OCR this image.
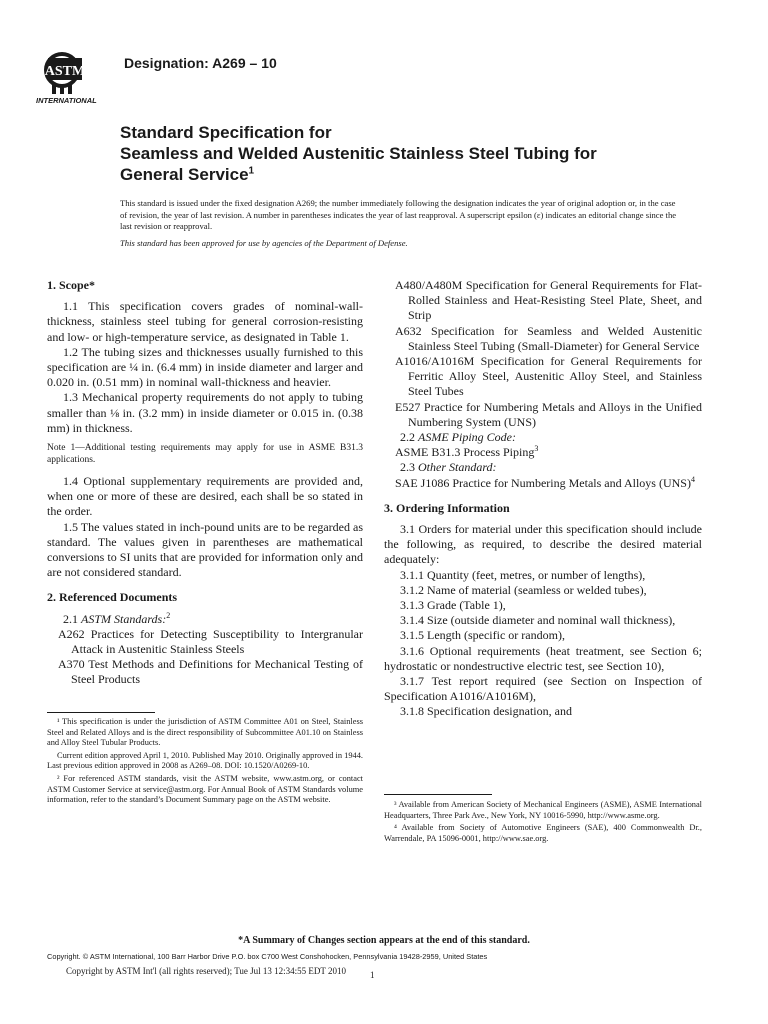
ASTM
INTERNATIONAL
Designation: A269 – 10
Standard Specification for
Seamless and Welded Austenitic Stainless Steel Tubing for
General Service$^1$
This standard is issued under the fixed designation A269; the number immediately following the designation indicates the year of original adoption or, in the case of revision, the year of last revision. A number in parentheses indicates the year of last reapproval. A superscript epsilon (ε) indicates an editorial change since the last revision or reapproval.
This standard has been approved for use by agencies of the Department of Defense.
1. Scope*

1.1 This specification covers grades of nominal-wall-thickness, stainless steel tubing for general corrosion-resisting and low- or high-temperature service, as designated in Table 1.

1.2 The tubing sizes and thicknesses usually furnished to this specification are ¼ in. (6.4 mm) in inside diameter and larger and 0.020 in. (0.51 mm) in nominal wall-thickness and heavier.

1.3 Mechanical property requirements do not apply to tubing smaller than ⅛ in. (3.2 mm) in inside diameter or 0.015 in. (0.38 mm) in thickness.

Note 1—Additional testing requirements may apply for use in ASME B31.3 applications.

1.4 Optional supplementary requirements are provided and, when one or more of these are desired, each shall be so stated in the order.

1.5 The values stated in inch-pound units are to be regarded as standard. The values given in parentheses are mathematical conversions to SI units that are provided for information only and are not considered standard.

2. Referenced Documents
2.1 ASTM Standards:$^2$

A262 Practices for Detecting Susceptibility to Intergranular Attack in Austenitic Stainless Steels

A370 Test Methods and Definitions for Mechanical Testing of Steel Products

A480/A480M Specification for General Requirements for Flat-Rolled Stainless and Heat-Resisting Steel Plate, Sheet, and Strip

A632 Specification for Seamless and Welded Austenitic Stainless Steel Tubing (Small-Diameter) for General Service

A1016/A1016M Specification for General Requirements for Ferritic Alloy Steel, Austenitic Alloy Steel, and Stainless Steel Tubes

E527 Practice for Numbering Metals and Alloys in the Unified Numbering System (UNS)

2.2 ASME Piping Code:
ASME B31.3 Process Piping$^3$
2.3 Other Standard:

SAE J1086 Practice for Numbering Metals and Alloys (UNS)$^4$

3. Ordering Information

3.1 Orders for material under this specification should include the following, as required, to describe the desired material adequately:

3.1.1 Quantity (feet, metres, or number of lengths),

3.1.2 Name of material (seamless or welded tubes),

3.1.3 Grade (Table 1),

3.1.4 Size (outside diameter and nominal wall thickness),

3.1.5 Length (specific or random),

3.1.6 Optional requirements (heat treatment, see Section 6; hydrostatic or nondestructive electric test, see Section 10),

3.1.7 Test report required (see Section on Inspection of Specification A1016/A1016M),

3.1.8 Specification designation, and

¹ This specification is under the jurisdiction of ASTM Committee A01 on Steel, Stainless Steel and Related Alloys and is the direct responsibility of Subcommittee A01.10 on Stainless and Alloy Steel Tubular Products.

Current edition approved April 1, 2010. Published May 2010. Originally approved in 1944. Last previous edition approved in 2008 as A269–08. DOI: 10.1520/A0269-10.

² For referenced ASTM standards, visit the ASTM website, www.astm.org, or contact ASTM Customer Service at service@astm.org. For Annual Book of ASTM Standards volume information, refer to the standard’s Document Summary page on the ASTM website.

³ Available from American Society of Mechanical Engineers (ASME), ASME International Headquarters, Three Park Ave., New York, NY 10016-5990, http://www.asme.org.

⁴ Available from Society of Automotive Engineers (SAE), 400 Commonwealth Dr., Warrendale, PA 15096-0001, http://www.sae.org.

*A Summary of Changes section appears at the end of this standard.
Copyright. © ASTM International, 100 Barr Harbor Drive P.O. box C700 West Conshohocken, Pennsylvania 19428-2959, United States
Copyright by ASTM Int'l (all rights reserved); Tue Jul 13 12:34:55 EDT 2010	1
